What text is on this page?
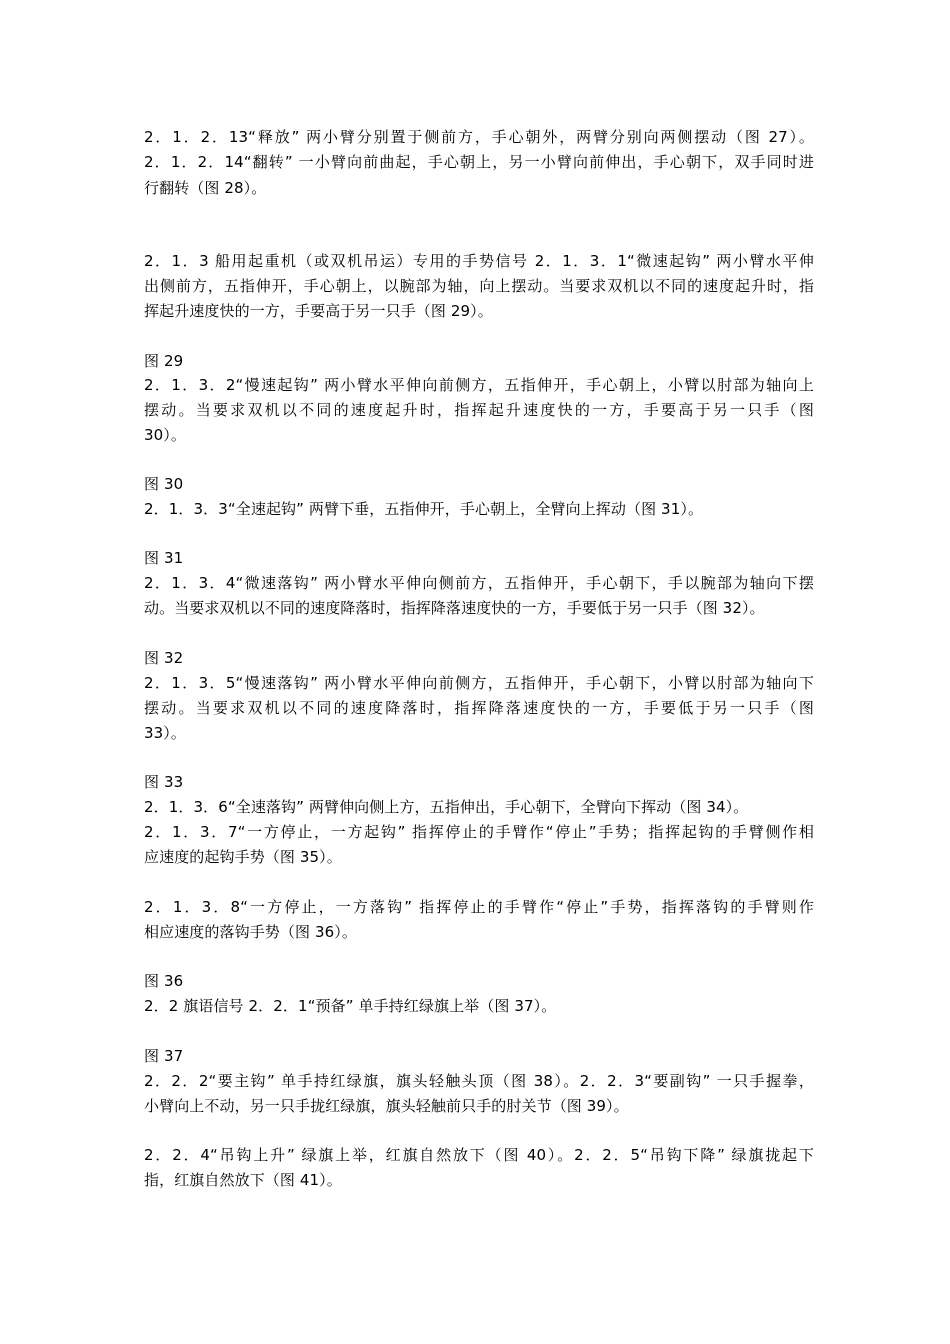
2．1．2．13“释放” 两小臂分别置于侧前方，手心朝外，两臂分别向两侧摆动（图 27）。
2．1．2．14“翻转” 一小臂向前曲起，手心朝上，另一小臂向前伸出，手心朝下，双手同时进
行翻转（图 28）。
2．1．3 船用起重机（或双机吊运）专用的手势信号 2．1．3．1“微速起钩” 两小臂水平伸
出侧前方，五指伸开，手心朝上，以腕部为轴，向上摆动。当要求双机以不同的速度起升时，指
挥起升速度快的一方，手要高于另一只手（图 29）。
图 29
2．1．3．2“慢速起钩” 两小臂水平伸向前侧方，五指伸开，手心朝上，小臂以肘部为轴向上
摆动。当要求双机以不同的速度起升时，指挥起升速度快的一方，手要高于另一只手（图
30）。
图 30
2．1．3．3“全速起钩” 两臂下垂，五指伸开，手心朝上，全臂向上挥动（图 31）。
图 31
2．1．3．4“微速落钩” 两小臂水平伸向侧前方，五指伸开，手心朝下，手以腕部为轴向下摆
动。当要求双机以不同的速度降落时，指挥降落速度快的一方，手要低于另一只手（图 32）。
图 32
2．1．3．5“慢速落钩” 两小臂水平伸向前侧方，五指伸开，手心朝下，小臂以肘部为轴向下
摆动。当要求双机以不同的速度降落时，指挥降落速度快的一方，手要低于另一只手（图
33）。
图 33
2．1．3．6“全速落钩” 两臂伸向侧上方，五指伸出，手心朝下，全臂向下挥动（图 34）。
2．1．3．7“一方停止，一方起钩” 指挥停止的手臂作“停止”手势；指挥起钩的手臂侧作相
应速度的起钩手势（图 35）。
2．1．3．8“一方停止，一方落钩” 指挥停止的手臂作“停止”手势，指挥落钩的手臂则作
相应速度的落钩手势（图 36）。
图 36
2．2 旗语信号 2．2．1“预备” 单手持红绿旗上举（图 37）。
图 37
2．2．2“要主钩” 单手持红绿旗，旗头轻触头顶（图 38）。2．2．3“要副钩” 一只手握拳，
小臂向上不动，另一只手拢红绿旗，旗头轻触前只手的肘关节（图 39）。
2．2．4“吊钩上升” 绿旗上举，红旗自然放下（图 40）。2．2．5“吊钩下降” 绿旗拢起下
指，红旗自然放下（图 41）。
